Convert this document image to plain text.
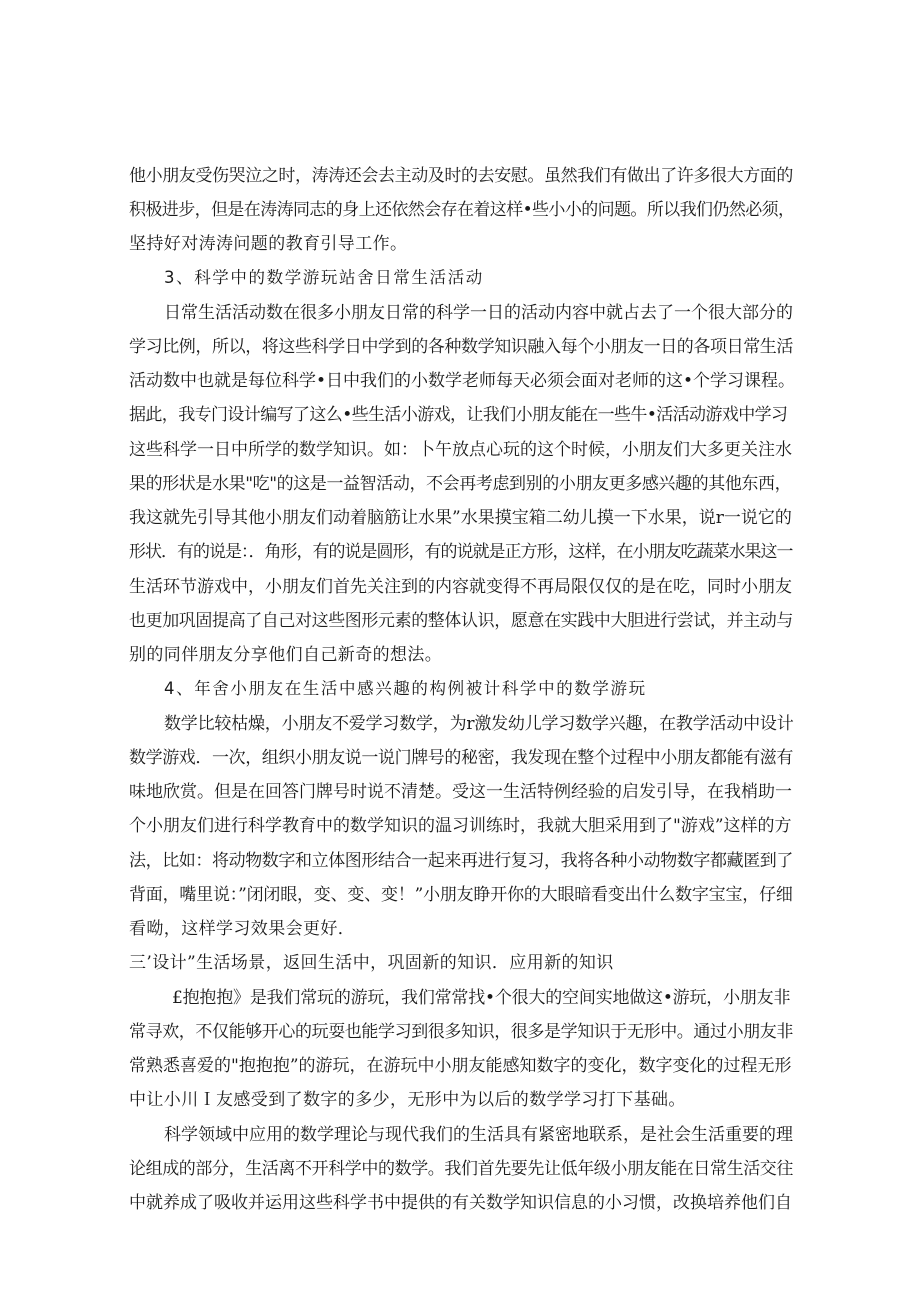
他小朋友受伤哭泣之时，涛涛还会去主动及时的去安慰。虽然我们有做出了许多很大方面的
积极进步，但是在涛涛同志的身上还依然会存在着这样•些小小的问题。所以我们仍然必须，
坚持好对涛涛问题的教育引导工作。
3、科学中的数学游玩站舍日常生活活动
日常生活活动数在很多小朋友日常的科学一日的活动内容中就占去了一个很大部分的
学习比例，所以，将这些科学日中学到的各种数学知识融入每个小朋友一日的各项日常生活
活动数中也就是每位科学•日中我们的小数学老师每天必须会面对老师的这•个学习课程。
据此，我专门设计编写了这么•些生活小游戏，让我们小朋友能在一些牛•活活动游戏中学习
这些科学一日中所学的数学知识。如：卜午放点心玩的这个时候，小朋友们大多更关注水
果的形状是水果"吃"的这是一益智活动，不会再考虑到别的小朋友更多感兴趣的其他东西，
我这就先引导其他小朋友们动着脑筋让水果”水果摸宝箱二幼儿摸一下水果，说r一说它的
形状．有的说是：．角形，有的说是圆形，有的说就是正方形，这样，在小朋友吃蔬菜水果这一
生活环节游戏中，小朋友们首先关注到的内容就变得不再局限仅仅的是在吃，同时小朋友
也更加巩固提高了自己对这些图形元素的整体认识，愿意在实践中大胆进行尝试，并主动与
别的同伴朋友分享他们自己新奇的想法。
4、年舍小朋友在生活中感兴趣的构例被计科学中的数学游玩
数学比较枯燥，小朋友不爱学习数学，为r激发幼儿学习数学兴趣，在教学活动中设计
数学游戏．一次，组织小朋友说一说门牌号的秘密，我发现在整个过程中小朋友都能有滋有
味地欣赏。但是在回答门牌号时说不清楚。受这一生活特例经验的启发引导，在我梢助一
个小朋友们进行科学教育中的数学知识的温习训练时，我就大胆采用到了"游戏”这样的方
法，比如：将动物数字和立体图形结合一起来再进行复习，我将各种小动物数字都藏匿到了
背面，嘴里说：”闭闭眼，变、变、变！”小朋友睁开你的大眼暗看变出什么数字宝宝，仔细
看呦，这样学习效果会更好．
三’设计”生活场景，返回生活中，巩固新的知识．应用新的知识
£抱抱抱》是我们常玩的游玩，我们常常找•个很大的空间实地做这•游玩，小朋友非
常寻欢，不仅能够开心的玩耍也能学习到很多知识，很多是学知识于无形中。通过小朋友非
常熟悉喜爱的"抱抱抱”的游玩，在游玩中小朋友能感知数字的变化，数字变化的过程无形
中让小川Ｉ友感受到了数字的多少，无形中为以后的数学学习打下基础。
科学领域中应用的数学理论与现代我们的生活具有紧密地联系，是社会生活重要的理
论组成的部分，生活离不开科学中的数学。我们首先要先让低年级小朋友能在日常生活交往
中就养成了吸收并运用这些科学书中提供的有关数学知识信息的小习惯，改换培养他们自
